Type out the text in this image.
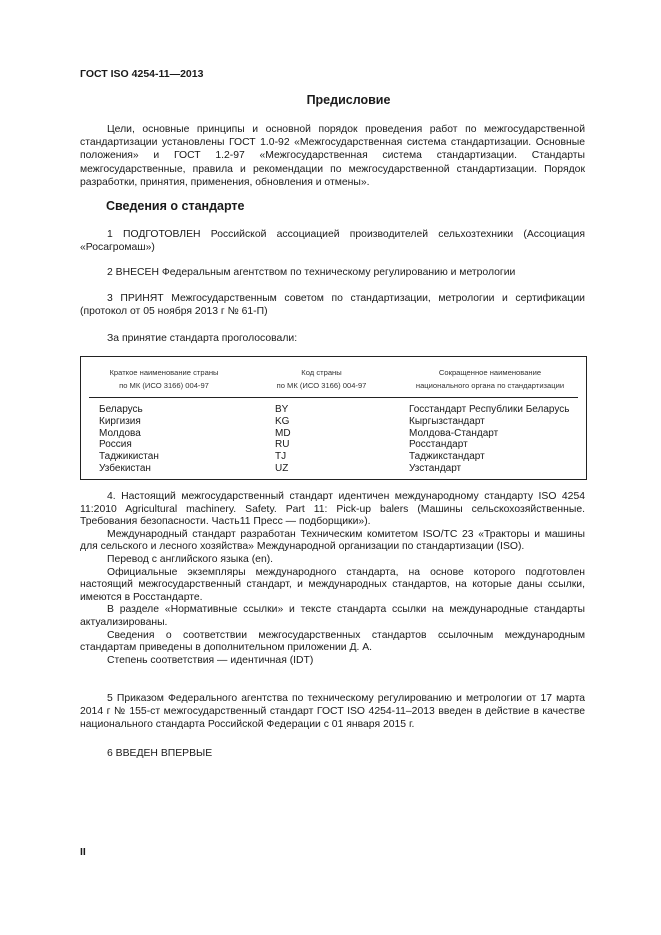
ГОСТ ISO 4254-11—2013
Предисловие

Цели, основные принципы и основной порядок проведения работ по межгосударственной стандартизации установлены ГОСТ 1.0-92 «Межгосударственная система стандартизации. Основные положения» и ГОСТ 1.2-97 «Межгосударственная система стандартизации. Стандарты межгосударственные, правила и рекомендации по межгосударственной стандартизации. Порядок разработки, принятия, применения, обновления и отмены».

Сведения о стандарте

1 ПОДГОТОВЛЕН Российской ассоциацией производителей сельхозтехники (Ассоциация «Росагромаш»)

2 ВНЕСЕН Федеральным агентством по техническому регулированию и метрологии

3 ПРИНЯТ Межгосударственным советом по стандартизации, метрологии и сертификации (протокол от 05 ноября 2013 г № 61-П)

За принятие стандарта проголосовали:

Краткое наименование страны
по МК (ИСО 3166) 004-97
Код страны
по МК (ИСО 3166) 004-97
Сокращенное наименование
национального органа по стандартизации
Беларусь
Киргизия
Молдова
Россия
Таджикистан
Узбекистан
BY
KG
MD
RU
TJ
UZ
Госстандарт Республики Беларусь
Кыргызстандарт
Молдова-Стандарт
Росстандарт
Таджикстандарт
Узстандарт

4. Настоящий межгосударственный стандарт идентичен международному стандарту ISO 4254 11:2010 Agricultural machinery. Safety. Part 11: Pick-up balers (Машины сельскохозяйственные. Требования безопасности. Часть11 Пресс — подборщики»).

Международный стандарт разработан Техническим комитетом ISO/TC 23 «Тракторы и машины для сельского и лесного хозяйства» Международной организации по стандартизации (ISO).

Перевод с английского языка (en).

Официальные экземпляры международного стандарта, на основе которого подготовлен настоящий межгосударственный стандарт, и международных стандартов, на которые даны ссылки, имеются в Росстандарте.

В разделе «Нормативные ссылки» и тексте стандарта ссылки на международные стандарты актуализированы.

Сведения о соответствии межгосударственных стандартов ссылочным международным стандартам приведены в дополнительном приложении Д. А.

Степень соответствия — идентичная (IDT)

5 Приказом Федерального агентства по техническому регулированию и метрологии от 17 марта 2014 г № 155-ст межгосударственный стандарт ГОСТ ISO 4254-11–2013 введен в действие в качестве национального стандарта Российской Федерации с 01 января 2015 г.

6 ВВЕДЕН ВПЕРВЫЕ

II
